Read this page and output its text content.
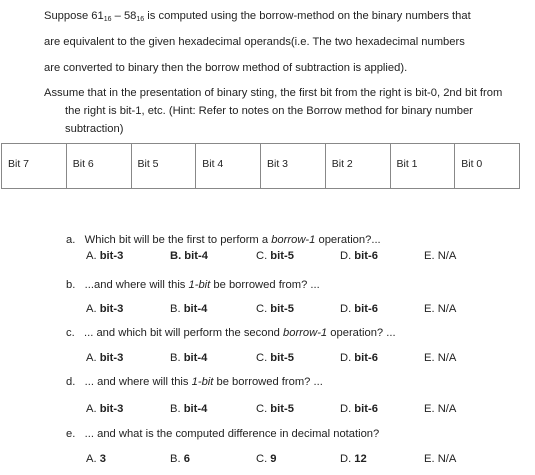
Suppose $61_{16} - 58_{16}$ is computed using the borrow-method on the binary numbers that
are equivalent to the given hexadecimal operands(i.e. The two hexadecimal numbers
are converted to binary then the borrow method of subtraction is applied).
Assume that in the presentation of binary sting, the first bit from the right is bit-0, 2nd bit from
the right is bit-1, etc. (Hint: Refer to notes on the Borrow method for binary number
subtraction)
Bit 7	Bit 6	Bit 5	Bit 4	Bit 3	Bit 2	Bit 1	Bit 0
a. Which bit will be the first to perform a borrow-1 operation?...
A. bit-3	B. bit-4	C. bit-5	D. bit-6	E. N/A
b. ...and where will this 1-bit be borrowed from? ...
A. bit-3	B. bit-4	C. bit-5	D. bit-6	E. N/A
c. ... and which bit will perform the second borrow-1 operation? ...
A. bit-3	B. bit-4	C. bit-5	D. bit-6	E. N/A
d. ... and where will this 1-bit be borrowed from? ...
A. bit-3	B. bit-4	C. bit-5	D. bit-6	E. N/A
e. ... and what is the computed difference in decimal notation?
A. 3	B. 6	C. 9	D. 12	E. N/A
